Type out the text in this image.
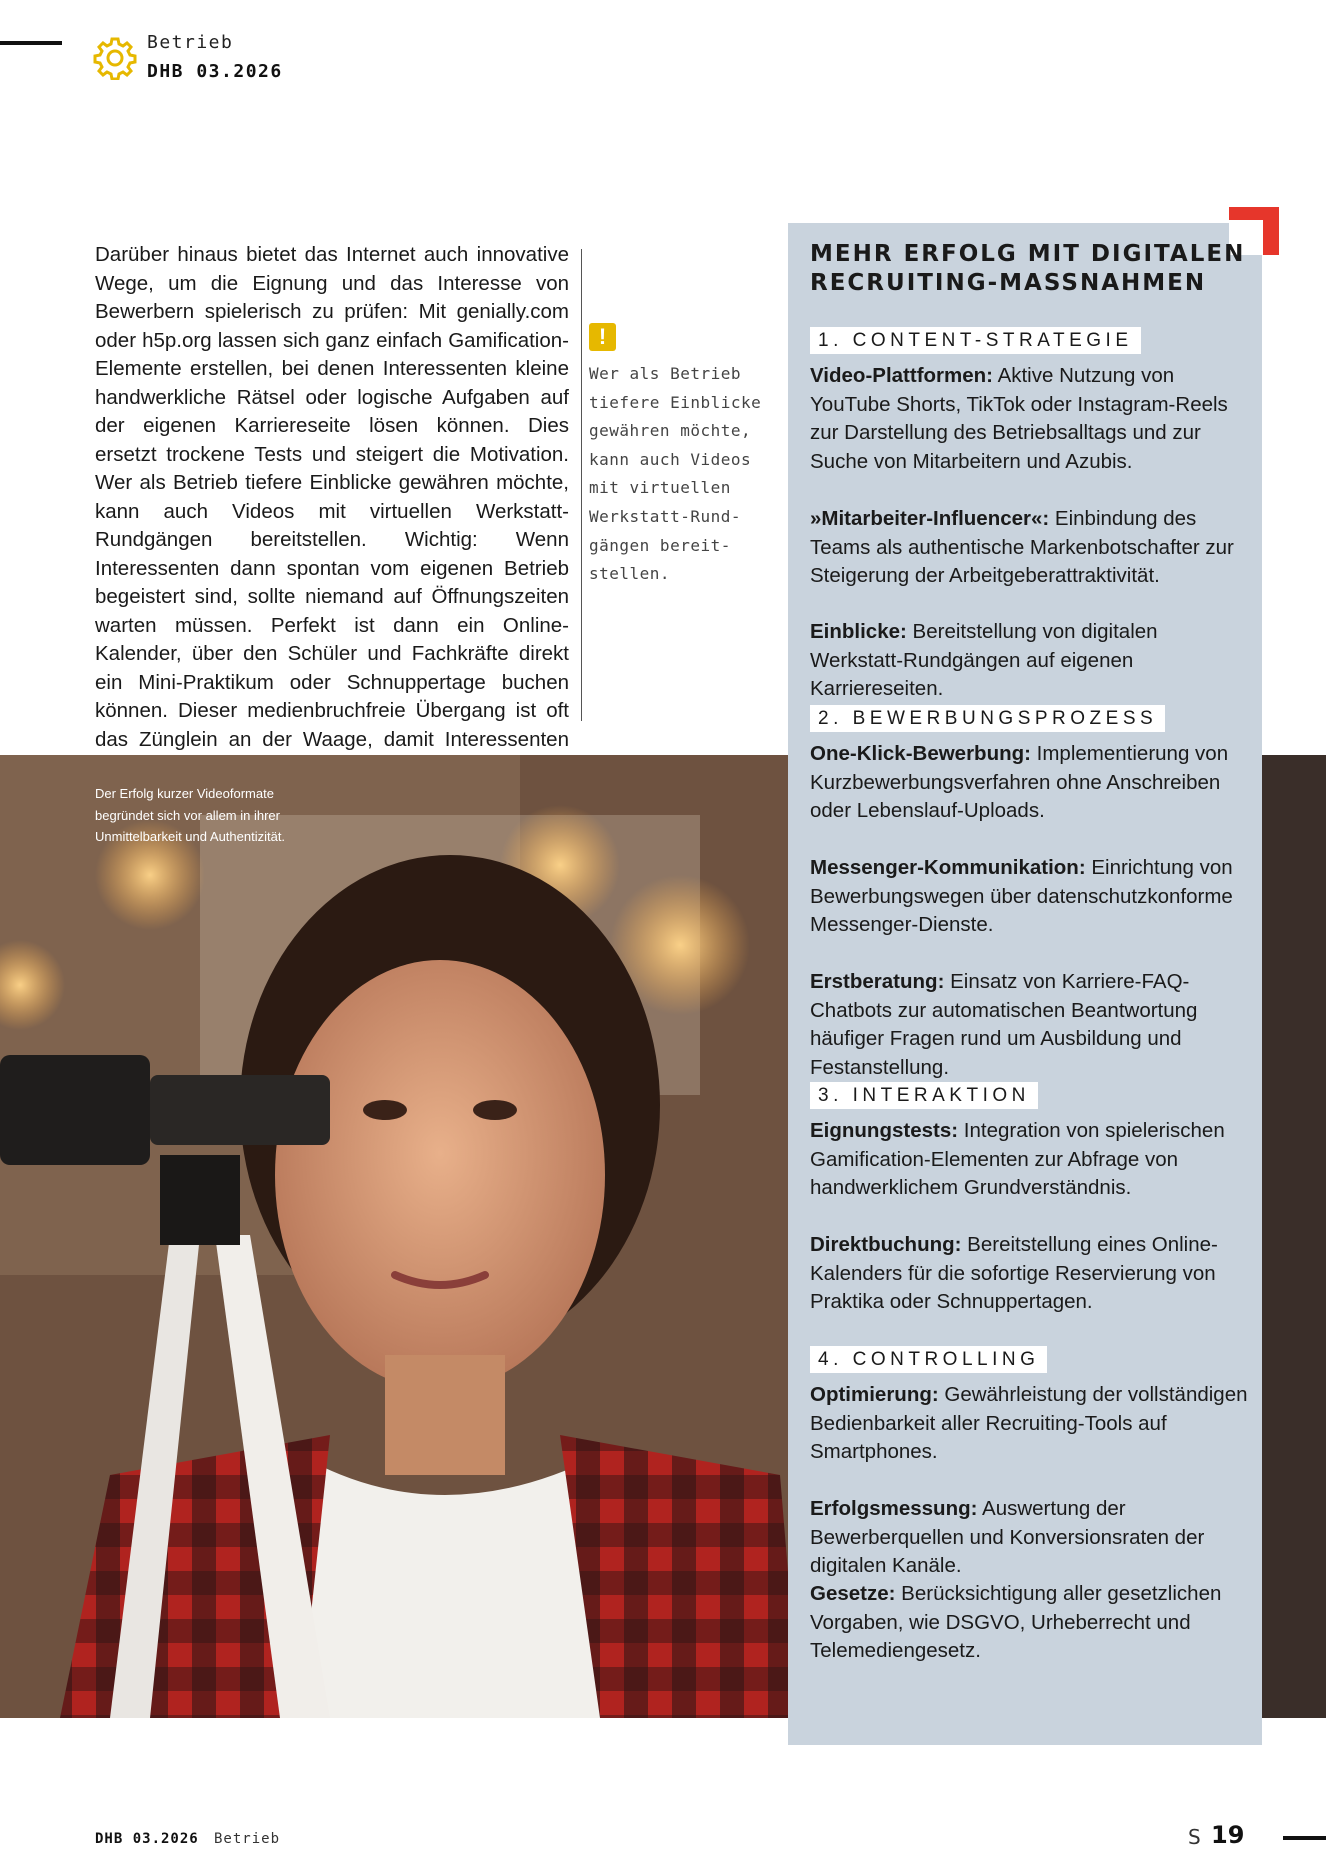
Betrieb
DHB 03.2026
Darüber hinaus bietet das Internet auch innovative Wege, um die Eignung und das Interesse von Bewerbern spielerisch zu prüfen: Mit genially.com oder h5p.org lassen sich ganz einfach Gamification-Elemente erstellen, bei denen Interessenten kleine handwerkliche Rätsel oder logische Aufgaben auf der eigenen Karriereseite lösen können. Dies ersetzt trockene Tests und steigert die Motivation. Wer als Betrieb tiefere Einblicke gewähren möchte, kann auch Videos mit virtuellen Werkstatt-Rundgängen bereitstellen. Wichtig: Wenn Interessenten dann spontan vom eigenen Betrieb begeistert sind, sollte niemand auf Öffnungszeiten warten müssen. Perfekt ist dann ein Online-Kalender, über den Schüler und Fachkräfte direkt ein Mini-Praktikum oder Schnuppertage buchen können. Dieser medienbruchfreie Übergang ist oft das Zünglein an der Waage, damit Interessenten
!
Wer als Betrieb
tiefere Einblicke
gewähren möchte,
kann auch Videos
mit virtuellen
Werkstatt-Rund-
gängen bereit-
stellen.
Der Erfolg kurzer Videoformate begründet sich vor allem in ihrer Unmittelbarkeit und Authentizität.
MEHR ERFOLG MIT DIGITALEN RECRUITING-MASSNAHMEN
1. CONTENT-STRATEGIE
Video-Plattformen: Aktive Nutzung von YouTube Shorts, TikTok oder Instagram-Reels zur Darstellung des Betriebsalltags und zur Suche von Mitarbeitern und Azubis.
»Mitarbeiter-Influencer«: Einbindung des Teams als authentische Markenbotschafter zur Steigerung der Arbeitgeberattraktivität.
Einblicke: Bereitstellung von digitalen Werkstatt-Rundgängen auf eigenen Karriereseiten.
2. BEWERBUNGSPROZESS
One-Klick-Bewerbung: Implementierung von Kurzbewerbungsverfahren ohne Anschreiben oder Lebenslauf-Uploads.
Messenger-Kommunikation: Einrichtung von Bewerbungswegen über datenschutzkonforme Messenger-Dienste.
Erstberatung: Einsatz von Karriere-FAQ-Chatbots zur automatischen Beantwortung häufiger Fragen rund um Ausbildung und Festanstellung.
3. INTERAKTION
Eignungstests: Integration von spielerischen Gamification-Elementen zur Abfrage von handwerklichem Grundverständnis.
Direktbuchung: Bereitstellung eines Online-Kalenders für die sofortige Reservierung von Praktika oder Schnuppertagen.
4. CONTROLLING
Optimierung: Gewährleistung der vollständigen Bedienbarkeit aller Recruiting-Tools auf Smartphones.
Erfolgsmessung: Auswertung der Bewerberquellen und Konversionsraten der digitalen Kanäle.
Gesetze: Berücksichtigung aller gesetzlichen Vorgaben, wie DSGVO, Urheberrecht und Telemediengesetz.
DHB 03.2026 Betrieb	S 19
